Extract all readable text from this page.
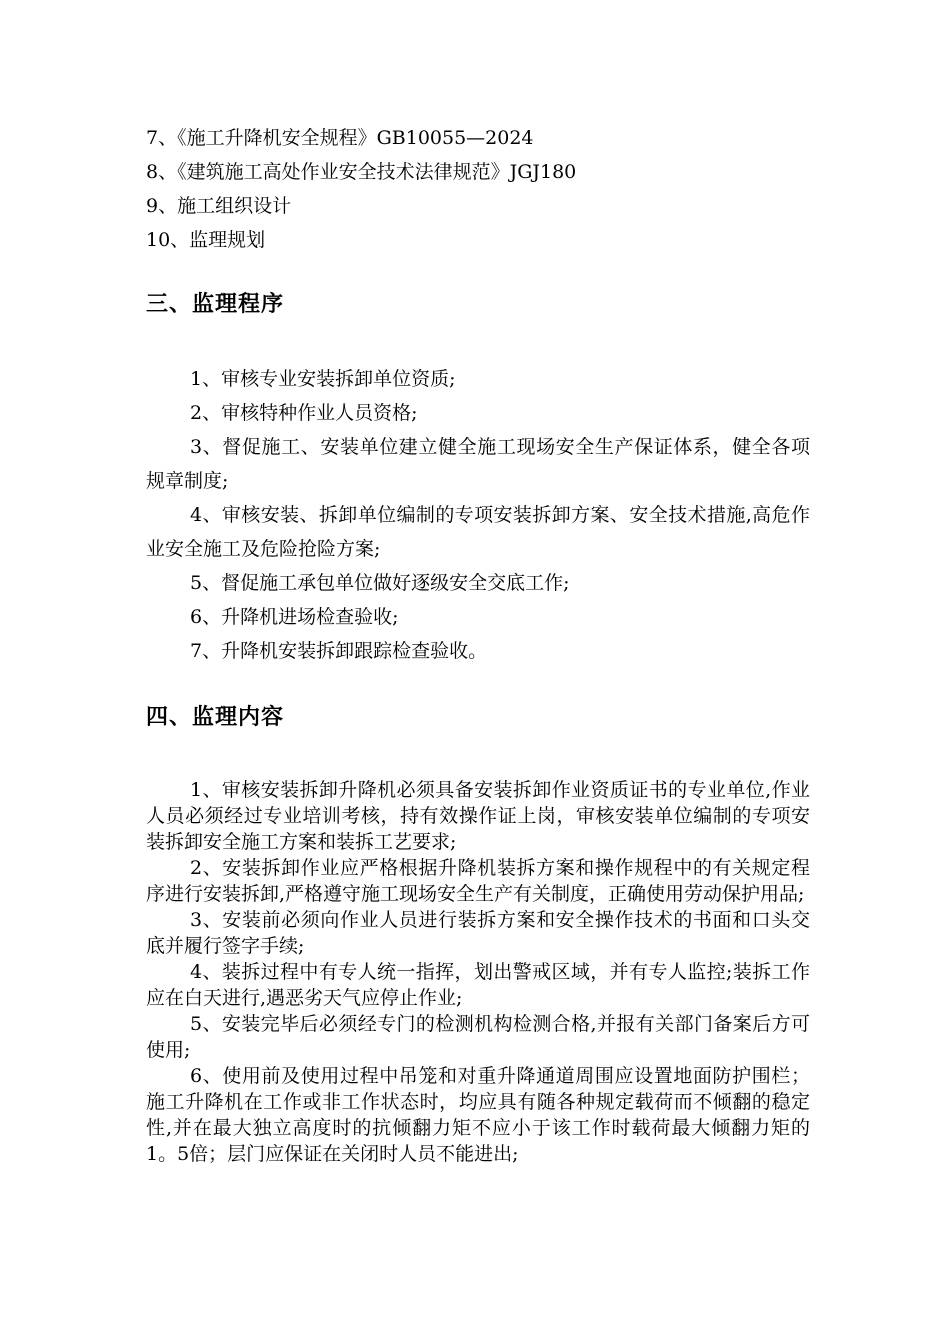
7、《施工升降机安全规程》GB10055—2024

8、《建筑施工高处作业安全技术法律规范》JGJ180

9、施工组织设计

10、监理规划

三、监理程序

1、审核专业安装拆卸单位资质;

2、审核特种作业人员资格;

3、督促施工、安装单位建立健全施工现场安全生产保证体系，健全各项规章制度;

4、审核安装、拆卸单位编制的专项安装拆卸方案、安全技术措施,高危作业安全施工及危险抢险方案;

5、督促施工承包单位做好逐级安全交底工作;

6、升降机进场检查验收;

7、升降机安装拆卸跟踪检查验收。

四、监理内容

1、审核安装拆卸升降机必须具备安装拆卸作业资质证书的专业单位,作业人员必须经过专业培训考核，持有效操作证上岗，审核安装单位编制的专项安装拆卸安全施工方案和装拆工艺要求;

2、安装拆卸作业应严格根据升降机装拆方案和操作规程中的有关规定程序进行安装拆卸,严格遵守施工现场安全生产有关制度，正确使用劳动保护用品;

3、安装前必须向作业人员进行装拆方案和安全操作技术的书面和口头交底并履行签字手续;

4、装拆过程中有专人统一指挥，划出警戒区域，并有专人监控;装拆工作应在白天进行,遇恶劣天气应停止作业;

5、安装完毕后必须经专门的检测机构检测合格,并报有关部门备案后方可使用;

6、使用前及使用过程中吊笼和对重升降通道周围应设置地面防护围栏；施工升降机在工作或非工作状态时，均应具有随各种规定载荷而不倾翻的稳定性,并在最大独立高度时的抗倾翻力矩不应小于该工作时载荷最大倾翻力矩的1。5倍；层门应保证在关闭时人员不能进出;
